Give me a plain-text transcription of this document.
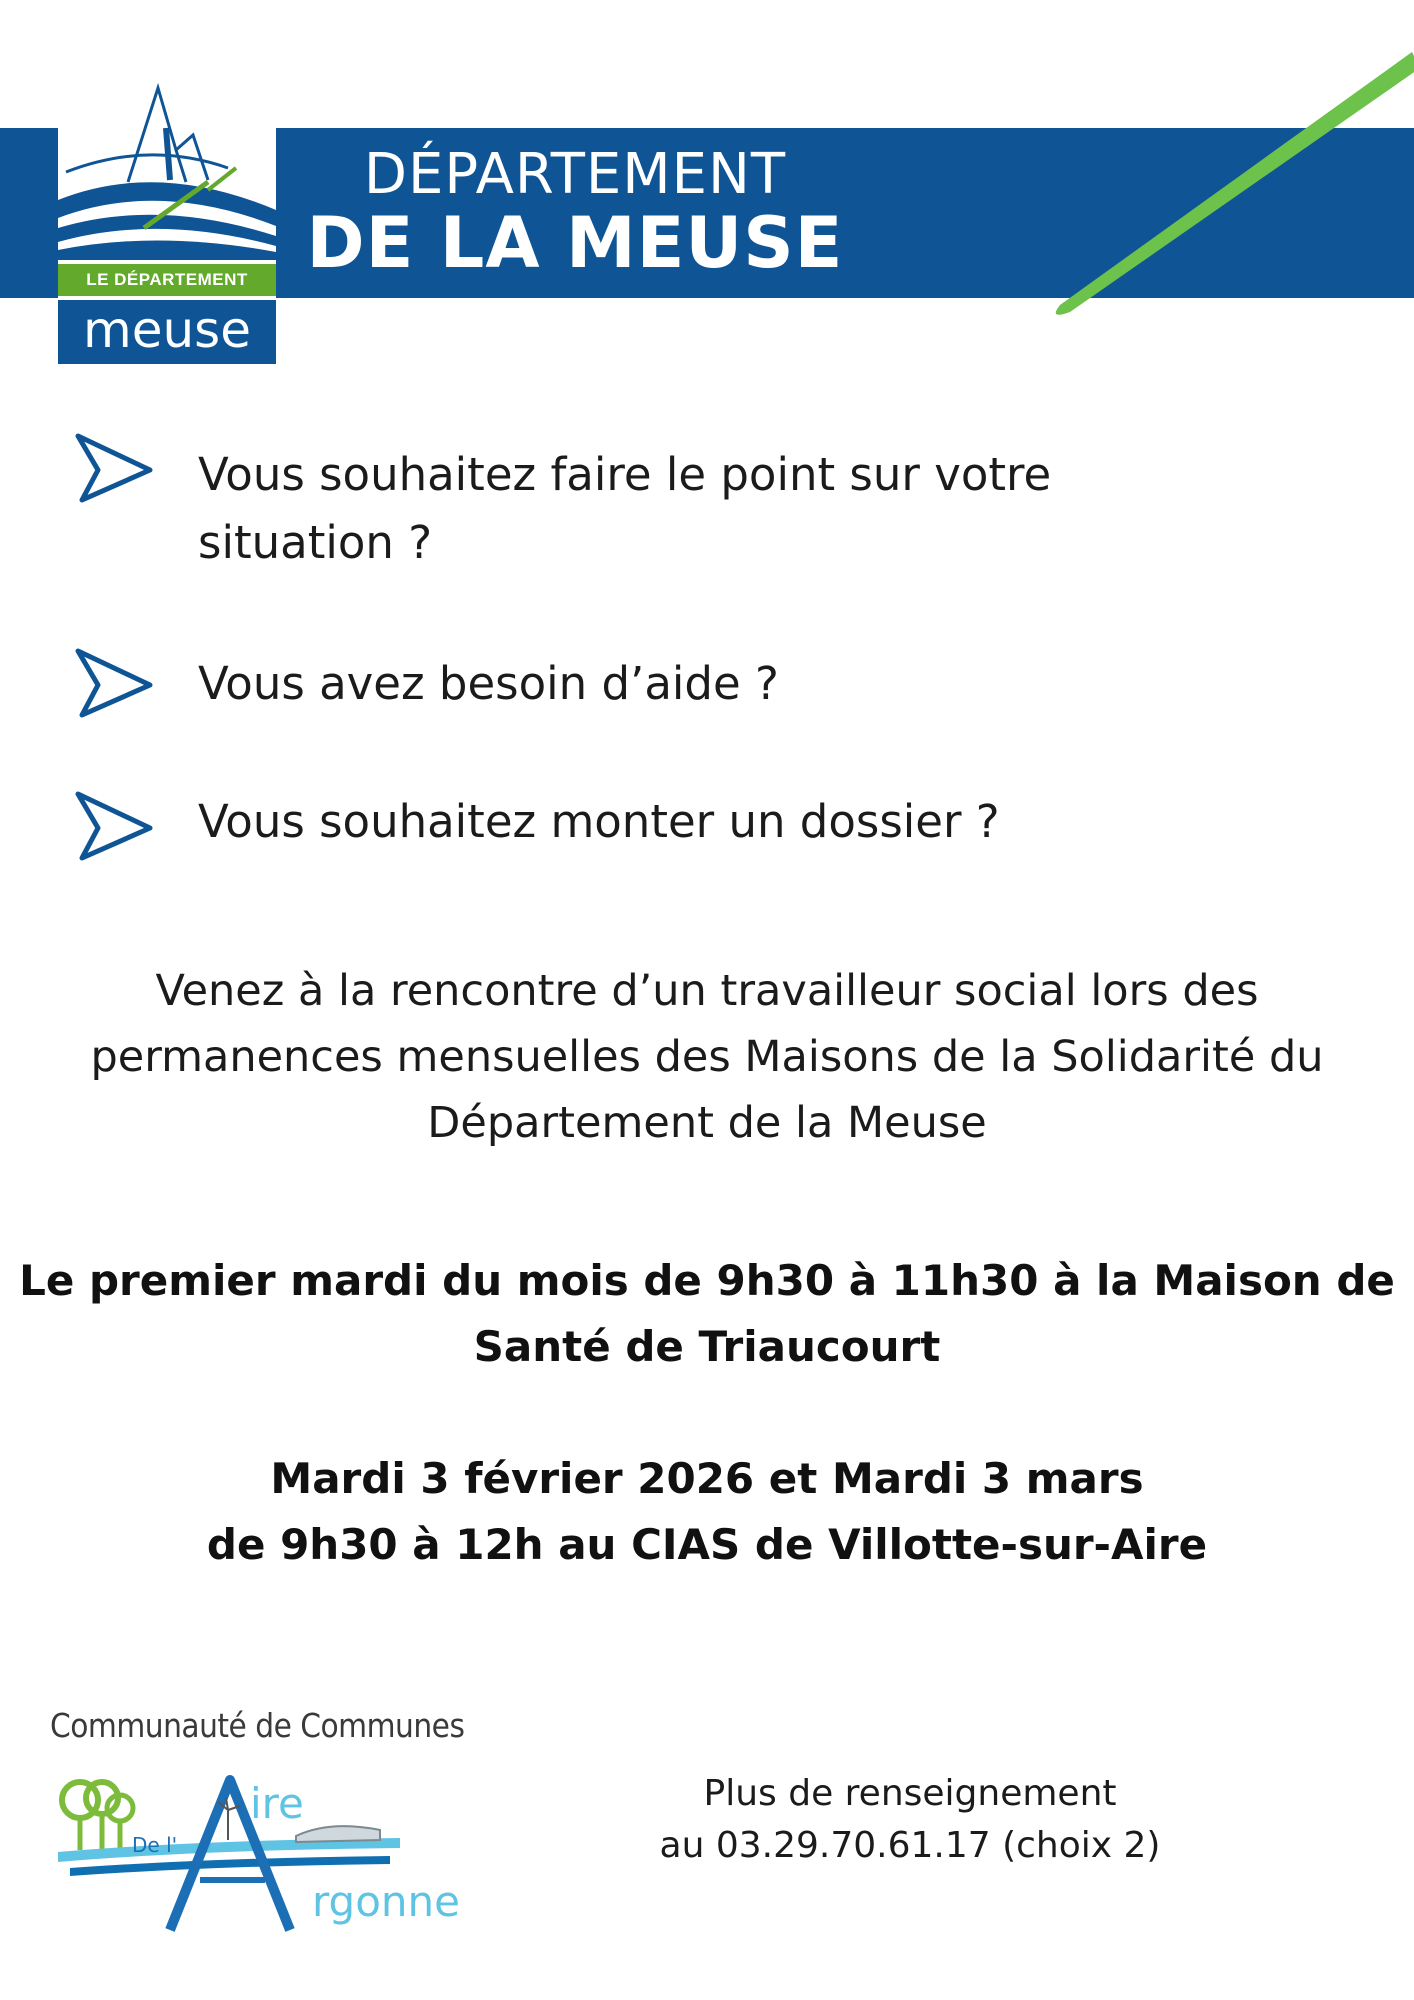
DÉPARTEMENT
DE LA MEUSE
LE DÉPARTEMENT
meuse
Vous souhaitez faire le point sur votre
situation ?
Vous avez besoin d’aide ?
Vous souhaitez monter un dossier ?
Venez à la rencontre d’un travailleur social lors des
permanences mensuelles des Maisons de la Solidarité du
Département de la Meuse
Le premier mardi du mois de 9h30 à 11h30 à la Maison de
Santé de Triaucourt
Mardi 3 février 2026 et Mardi 3 mars
de 9h30 à 12h au CIAS de Villotte-sur-Aire
Communauté de Communes
De l'
ire
rgonne
Plus de renseignement
au 03.29.70.61.17 (choix 2)
